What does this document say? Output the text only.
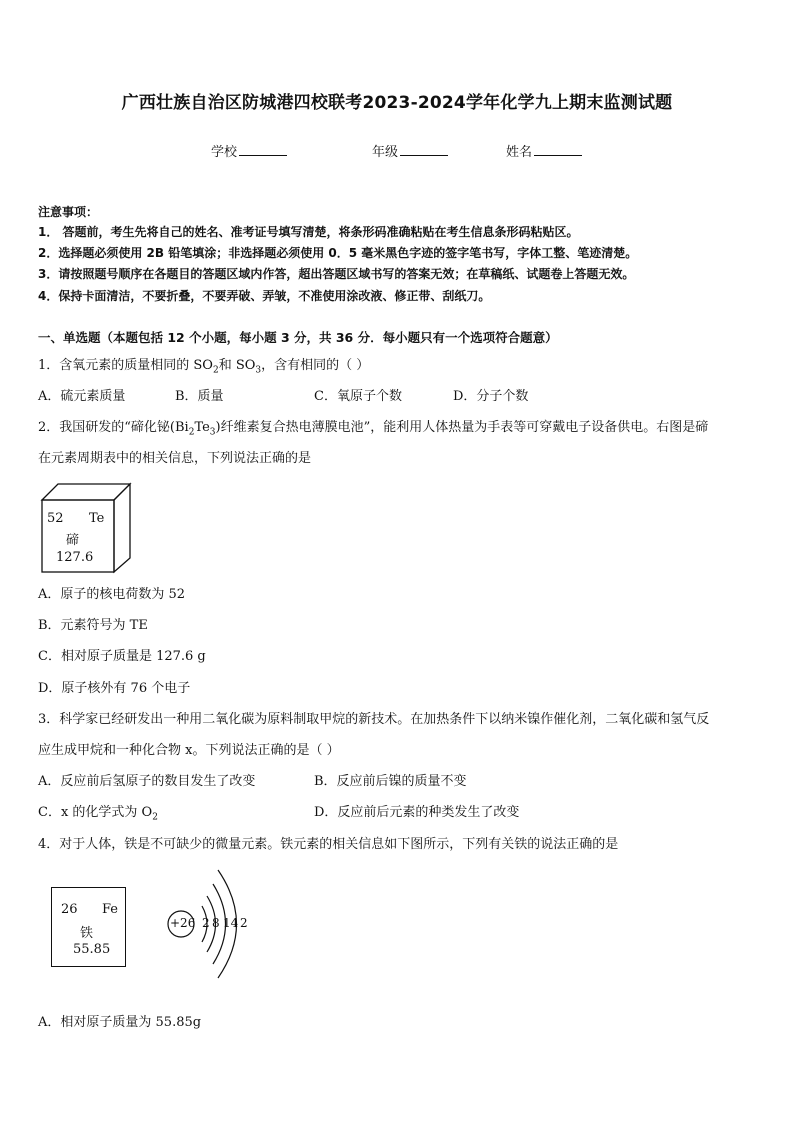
广西壮族自治区防城港四校联考2023-2024学年化学九上期末监测试题
学校	年级	姓名
注意事项：
1． 答题前，考生先将自己的姓名、准考证号填写清楚，将条形码准确粘贴在考生信息条形码粘贴区。
2．选择题必须使用 2B 铅笔填涂；非选择题必须使用 0．5 毫米黑色字迹的签字笔书写，字体工整、笔迹清楚。
3．请按照题号顺序在各题目的答题区域内作答，超出答题区域书写的答案无效；在草稿纸、试题卷上答题无效。
4．保持卡面清洁，不要折叠，不要弄破、弄皱，不准使用涂改液、修正带、刮纸刀。
一、单选题（本题包括 12 个小题，每小题 3 分，共 36 分．每小题只有一个选项符合题意）
1．含氧元素的质量相同的 $SO_2$和 $SO_3$，含有相同的（ ）
A．硫元素质量	B．质量	C．氧原子个数	D．分子个数
2．我国研发的“碲化铋$(Bi_2Te_3)$纤维素复合热电薄膜电池”，能利用人体热量为手表等可穿戴电子设备供电。右图是碲
在元素周期表中的相关信息，下列说法正确的是
52 Te
碲
127.6
A．原子的核电荷数为 52
B．元素符号为 TE
C．相对原子质量是 127.6 g
D．原子核外有 76 个电子
3．科学家已经研发出一种用二氧化碳为原料制取甲烷的新技术。在加热条件下以纳米镍作催化剂，二氧化碳和氢气反
应生成甲烷和一种化合物 x。下列说法正确的是（ ）
A．反应前后氢原子的数目发生了改变	B．反应前后镍的质量不变
C．x 的化学式为 $O_2$	D．反应前后元素的种类发生了改变
4．对于人体，铁是不可缺少的微量元素。铁元素的相关信息如下图所示，下列有关铁的说法正确的是
26 Fe
铁
55.85
+26 2 8 14 2
A．相对原子质量为 55.85g
